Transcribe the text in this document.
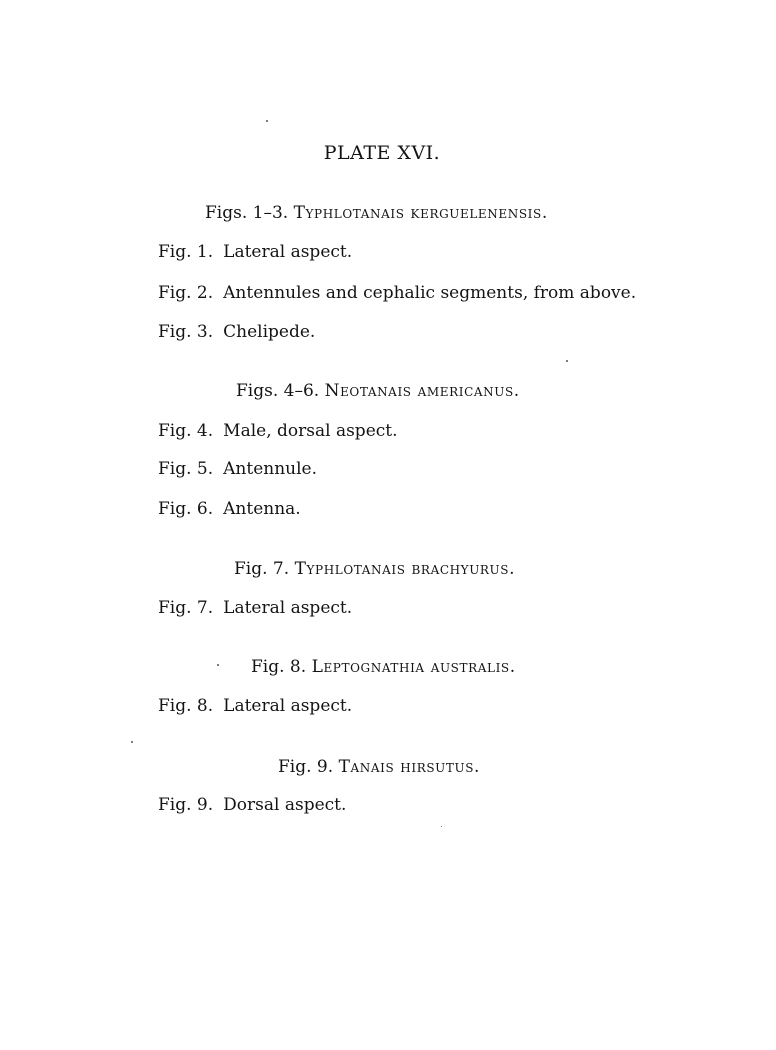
PLATE XVI.
Figs. 1–3. Typhlotanais kerguelenensis.
Fig. 1. Lateral aspect.
Fig. 2. Antennules and cephalic segments, from above.
Fig. 3. Chelipede.
Figs. 4–6. Neotanais americanus.
Fig. 4. Male, dorsal aspect.
Fig. 5. Antennule.
Fig. 6. Antenna.
Fig. 7. Typhlotanais brachyurus.
Fig. 7. Lateral aspect.
Fig. 8. Leptognathia australis.
Fig. 8. Lateral aspect.
Fig. 9. Tanais hirsutus.
Fig. 9. Dorsal aspect.
